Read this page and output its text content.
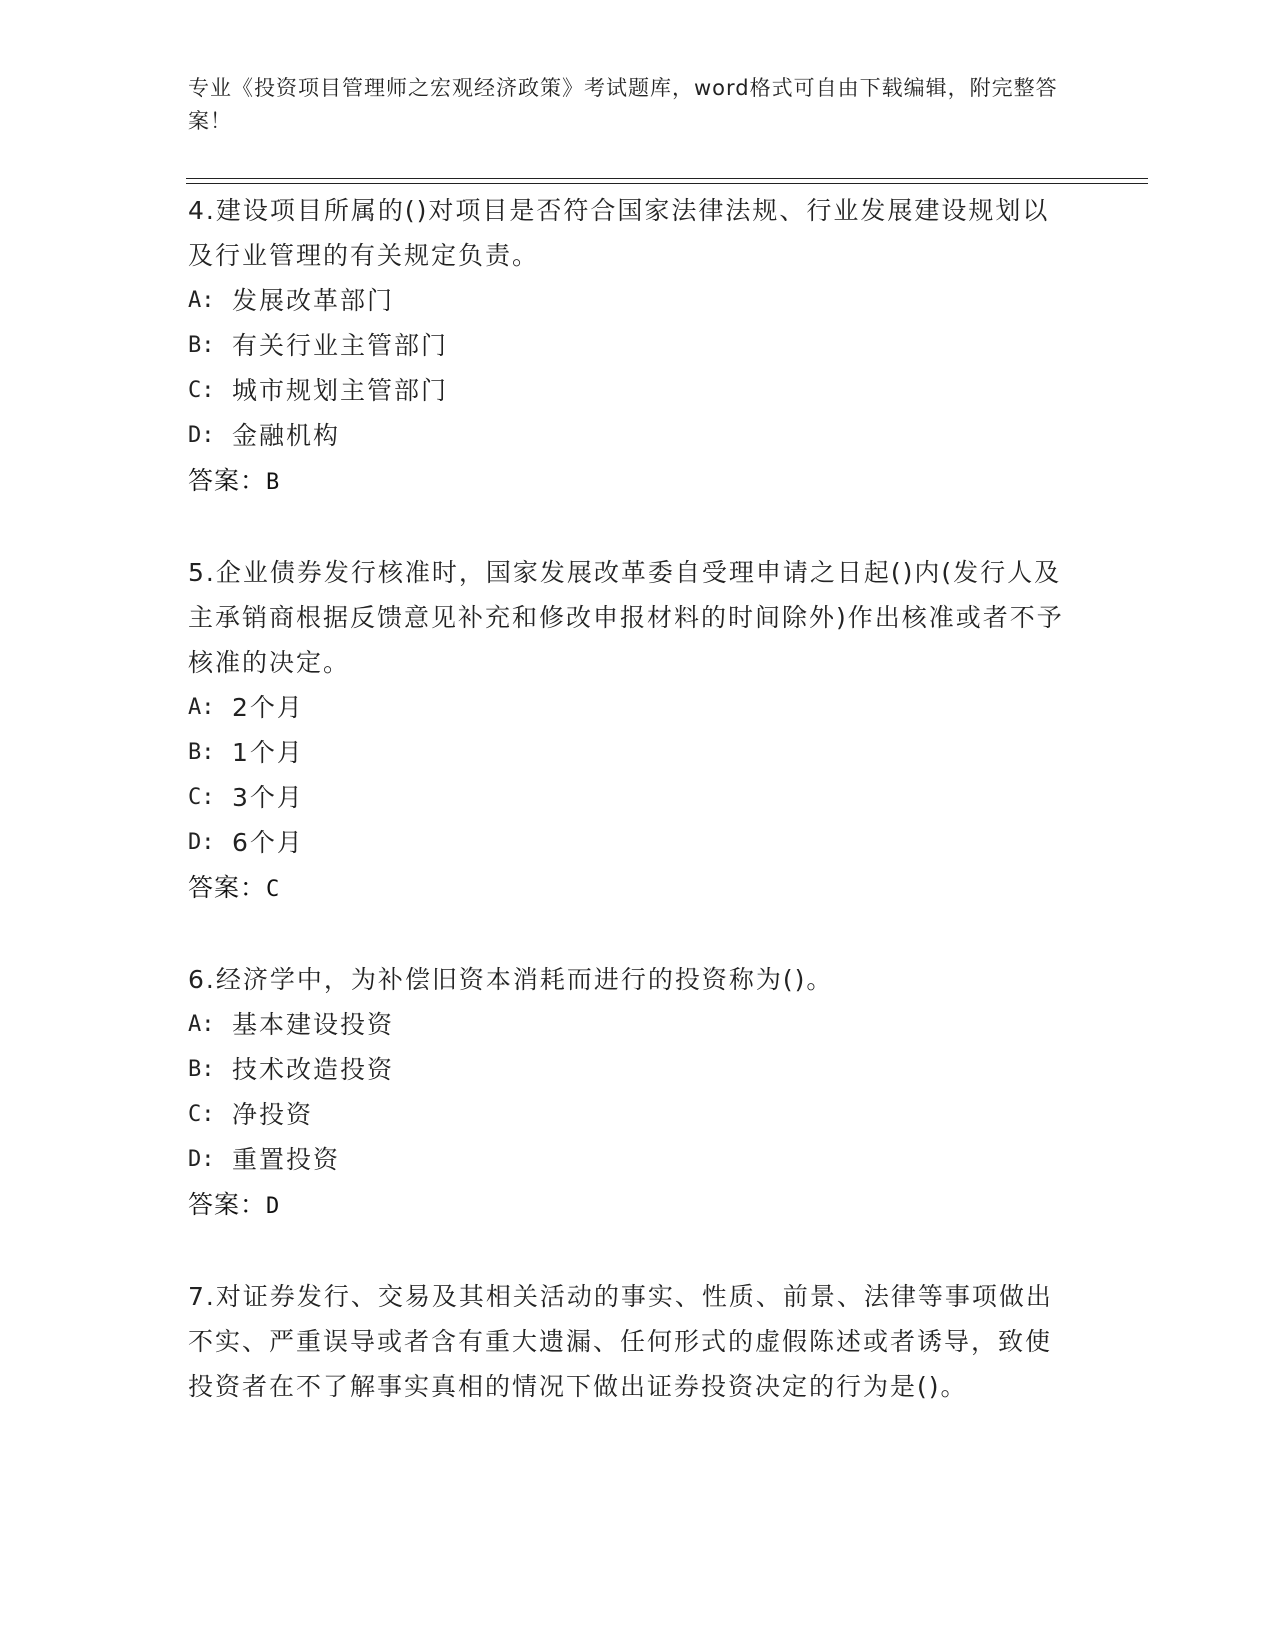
专业《投资项目管理师之宏观经济政策》考试题库，word格式可自由下载编辑，附完整答案！
4.建设项目所属的()对项目是否符合国家法律法规、行业发展建设规划以及行业管理的有关规定负责。
A: 发展改革部门
B: 有关行业主管部门
C: 城市规划主管部门
D: 金融机构
答案：B
5.企业债券发行核准时，国家发展改革委自受理申请之日起()内(发行人及主承销商根据反馈意见补充和修改申报材料的时间除外)作出核准或者不予核准的决定。
A: 2个月
B: 1个月
C: 3个月
D: 6个月
答案：C
6.经济学中，为补偿旧资本消耗而进行的投资称为()。
A: 基本建设投资
B: 技术改造投资
C: 净投资
D: 重置投资
答案：D
7.对证券发行、交易及其相关活动的事实、性质、前景、法律等事项做出不实、严重误导或者含有重大遗漏、任何形式的虚假陈述或者诱导，致使投资者在不了解事实真相的情况下做出证券投资决定的行为是()。
